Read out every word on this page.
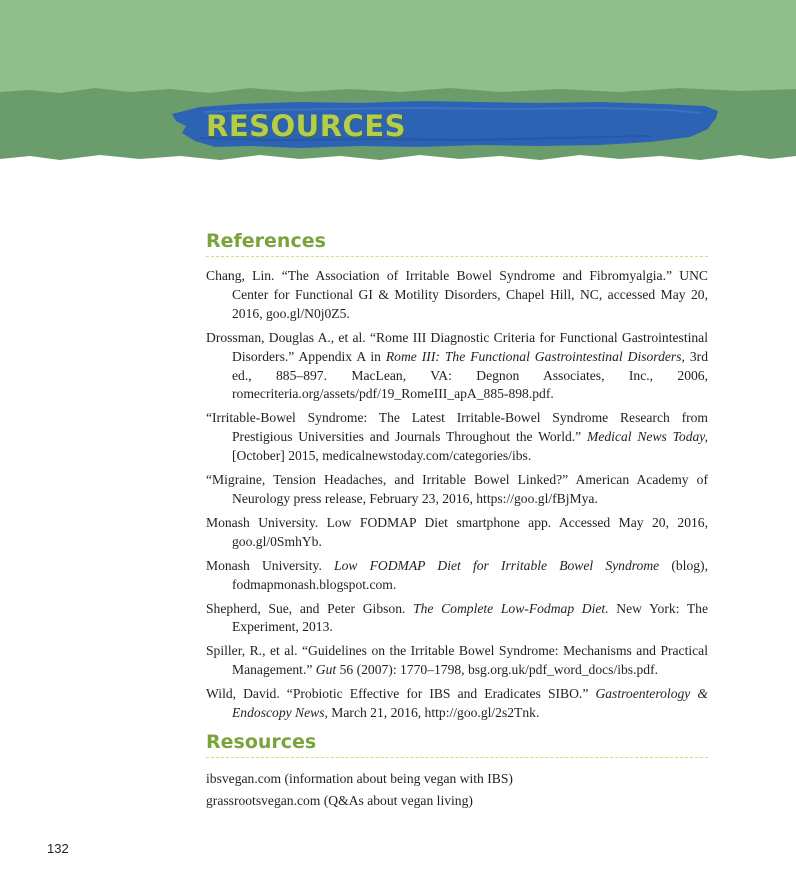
RESOURCES
References
Chang, Lin. “The Association of Irritable Bowel Syndrome and Fibromyalgia.” UNC Center for Functional GI & Motility Disorders, Chapel Hill, NC, accessed May 20, 2016, goo.gl/N0j0Z5.
Drossman, Douglas A., et al. “Rome III Diagnostic Criteria for Functional Gastrointestinal Disorders.” Appendix A in Rome III: The Functional Gastrointestinal Disorders, 3rd ed., 885–897. MacLean, VA: Degnon Associates, Inc., 2006, romecriteria.org/assets/pdf/19_RomeIII_apA_885-898.pdf.
“Irritable-Bowel Syndrome: The Latest Irritable-Bowel Syndrome Research from Prestigious Universities and Journals Throughout the World.” Medical News Today, [October] 2015, medicalnewstoday.com/categories/ibs.
“Migraine, Tension Headaches, and Irritable Bowel Linked?” American Academy of Neurology press release, February 23, 2016, https://goo.gl/fBjMya.
Monash University. Low FODMAP Diet smartphone app. Accessed May 20, 2016, goo.gl/0SmhYb.
Monash University. Low FODMAP Diet for Irritable Bowel Syndrome (blog), fodmapmonash.blogspot.com.
Shepherd, Sue, and Peter Gibson. The Complete Low-Fodmap Diet. New York: The Experiment, 2013.
Spiller, R., et al. “Guidelines on the Irritable Bowel Syndrome: Mechanisms and Practical Management.” Gut 56 (2007): 1770–1798, bsg.org.uk/pdf_word_docs/ibs.pdf.
Wild, David. “Probiotic Effective for IBS and Eradicates SIBO.” Gastroenterology & Endoscopy News, March 21, 2016, http://goo.gl/2s2Tnk.
Resources
ibsvegan.com (information about being vegan with IBS)
grassrootsvegan.com (Q&As about vegan living)
132
